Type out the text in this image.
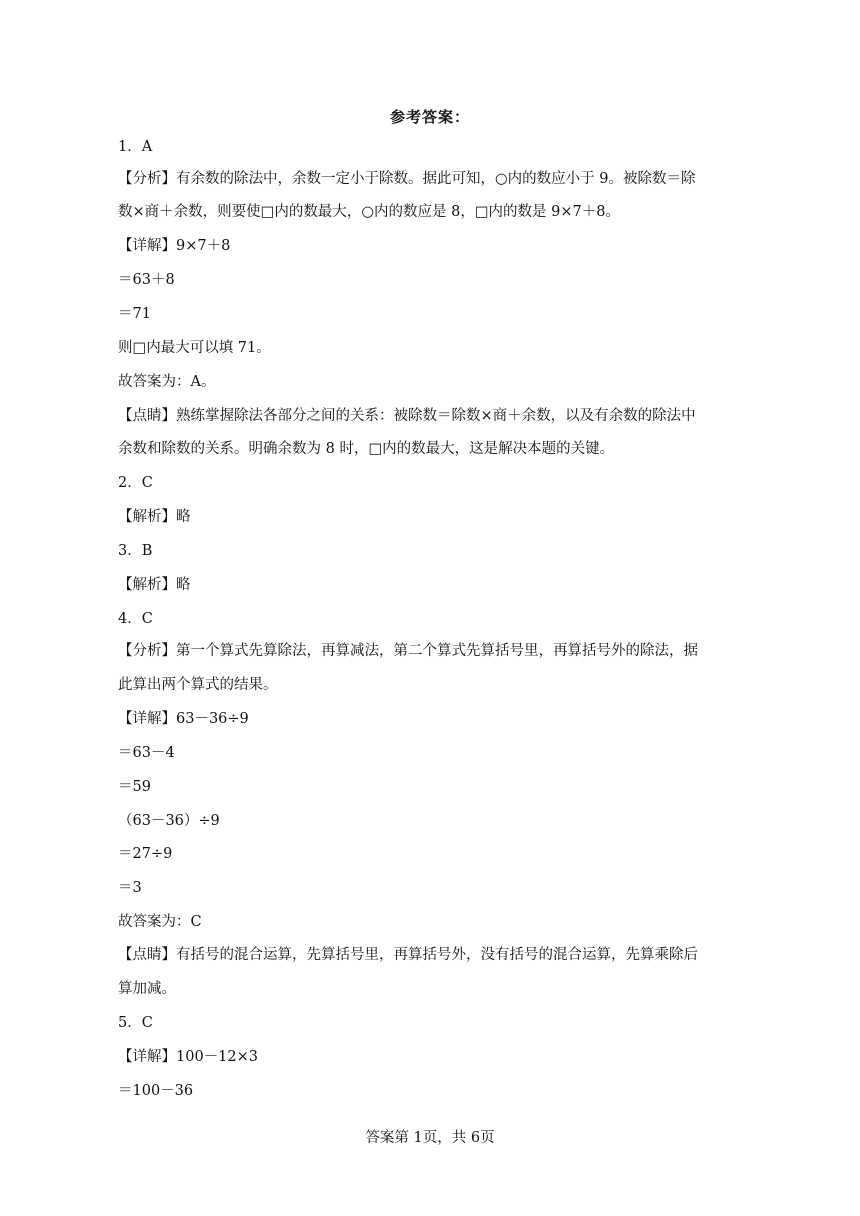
参考答案：
1．A
【分析】有余数的除法中，余数一定小于除数。据此可知，○内的数应小于 9。被除数＝除
数×商＋余数，则要使□内的数最大，○内的数应是 8，□内的数是 9×7＋8。
【详解】9×7＋8
＝63＋8
＝71
则□内最大可以填 71。
故答案为：A。
【点睛】熟练掌握除法各部分之间的关系：被除数＝除数×商＋余数，以及有余数的除法中
余数和除数的关系。明确余数为 8 时，□内的数最大，这是解决本题的关键。
2．C
【解析】略
3．B
【解析】略
4．C
【分析】第一个算式先算除法，再算减法，第二个算式先算括号里，再算括号外的除法，据
此算出两个算式的结果。
【详解】63－36÷9
＝63－4
＝59
（63－36）÷9
＝27÷9
＝3
故答案为：C
【点睛】有括号的混合运算，先算括号里，再算括号外，没有括号的混合运算，先算乘除后
算加减。
5．C
【详解】100－12×3
＝100－36
答案第 1页，共 6页
